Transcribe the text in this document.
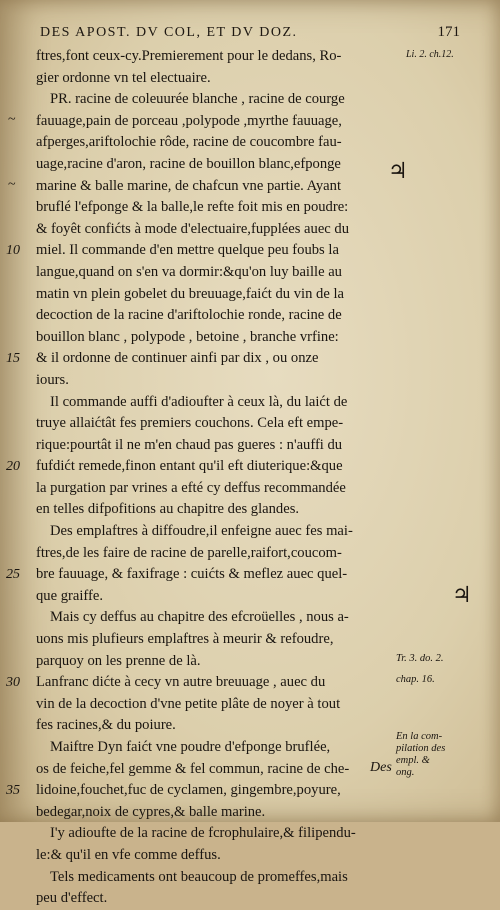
DES APOST. DV COL, ET DV DOZ.	171
Li. 2. ch.12.
♃
♃
ftres,font ceux-cy.Premierement pour le dedans, Ro-
gier ordonne vn tel electuaire.
PR. racine de coleuurée blanche , racine de courge
~ fauuage,pain de porceau ,polypode ,myrthe fauuage,
afperges,ariftolochie rôde, racine de coucombre fau-
uage,racine d'aron, racine de bouillon blanc,efponge
~ marine & balle marine, de chafcun vne partie. Ayant
bruflé l'efponge & la balle,le refte foit mis en poudre:
& foyêt confićts à mode d'electuaire,fupplées auec du
10 miel. Il commande d'en mettre quelque peu foubs la
langue,quand on s'en va dormir:&qu'on luy baille au
matin vn plein gobelet du breuuage,faićt du vin de la
decoction de la racine d'ariftolochie ronde, racine de
bouillon blanc , polypode , betoine , branche vrfine:
15 & il ordonne de continuer ainfi par dix , ou onze
iours.
Il commande auffi d'adioufter à ceux là, du laićt de
truye allaićtât fes premiers couchons. Cela eft empe-
rique:pourtât il ne m'en chaud pas gueres : n'auffi du
20 fufdićt remede,finon entant qu'il eft diuterique:&que
la purgation par vrines a efté cy deffus recommandée
en telles difpofitions au chapitre des glandes.
Des emplaftres à diffoudre,il enfeigne auec fes mai-
ftres,de les faire de racine de parelle,raifort,coucom-
25 bre fauuage, & faxifrage : cuićts & meflez auec quel-
que graiffe.
Mais cy deffus au chapitre des efcroüelles , nous a-
uons mis plufieurs emplaftres à meurir & refoudre,
parquoy on les prenne de là.	Tr. 3. do. 2.
30 Lanfranc dićte à cecy vn autre breuuage , auec du	chap. 16.
vin de la decoction d'vne petite plâte de noyer à tout
fes racines,& du poiure.
Maiftre Dyn faićt vne poudre d'efponge bruflée,
En la com-
pilation des
empl. &
ong.
os de feiche,fel gemme & fel commun, racine de che-
35 lidoine,fouchet,fuc de cyclamen, gingembre,poyure,
bedegar,noix de cypres,& balle marine.
I'y adioufte de la racine de fcrophulaire,& filipendu-
le:& qu'il en vfe comme deffus.
Tels medicaments ont beaucoup de promeffes,mais
peu d'effect.
Des
